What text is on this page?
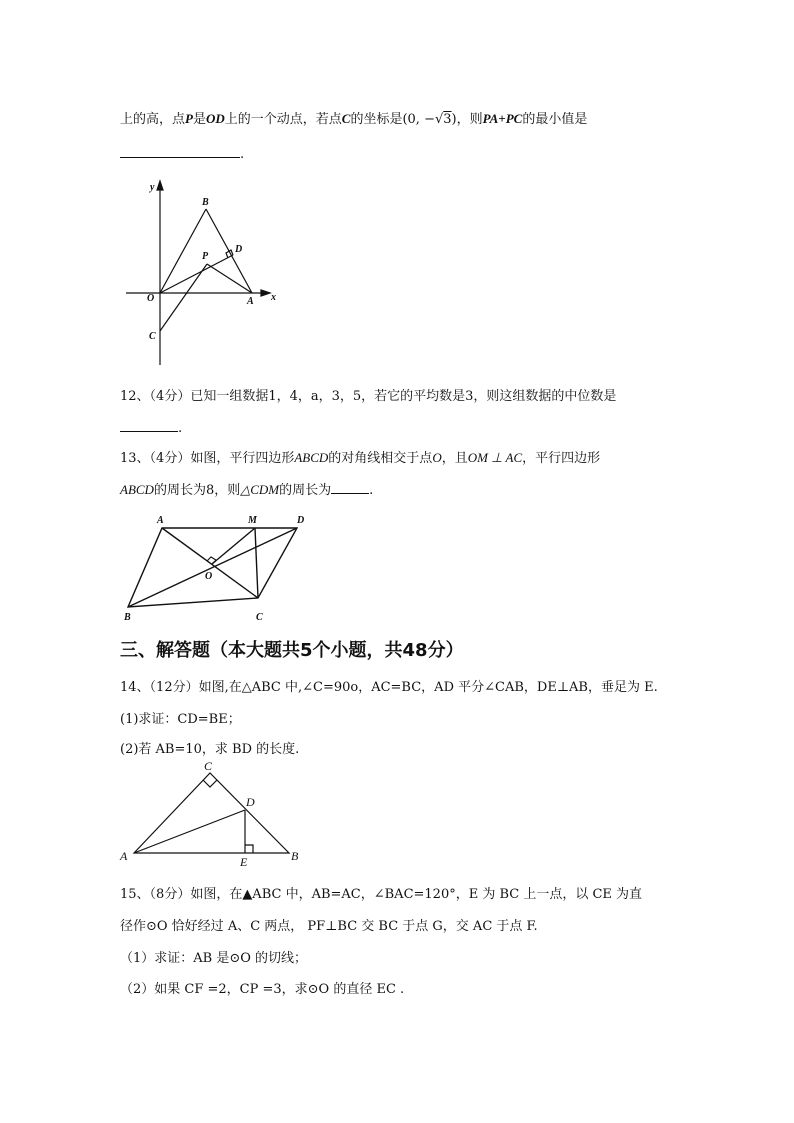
上的高，点P是OD上的一个动点，若点C的坐标是(0, −√3)，则PA+PC的最小值是
.
y
B
D
P
O	A x
C
A	M	D
O
B	C
C
D
A	E	B
12、（4分）已知一组数据1，4，a，3，5，若它的平均数是3，则这组数据的中位数是
.
13、（4分）如图，平行四边形ABCD的对角线相交于点O，且OM ⊥ AC，平行四边形
ABCD的周长为8，则△CDM的周长为	.
三、解答题（本大题共5个小题，共48分）
14、（12分）如图,在△ABC 中,∠C=90o，AC=BC，AD 平分∠CAB，DE⊥AB，垂足为 E.
(1)求证：CD=BE；
(2)若 AB=10，求 BD 的长度.
15、（8分）如图，在▲ABC 中，AB=AC，∠BAC=120°，E 为 BC 上一点，以 CE 为直
径作⊙O 恰好经过 A、C 两点， PF⊥BC 交 BC 于点 G，交 AC 于点 F.
（1）求证：AB 是⊙O 的切线；
（2）如果 CF =2，CP =3，求⊙O 的直径 EC .
